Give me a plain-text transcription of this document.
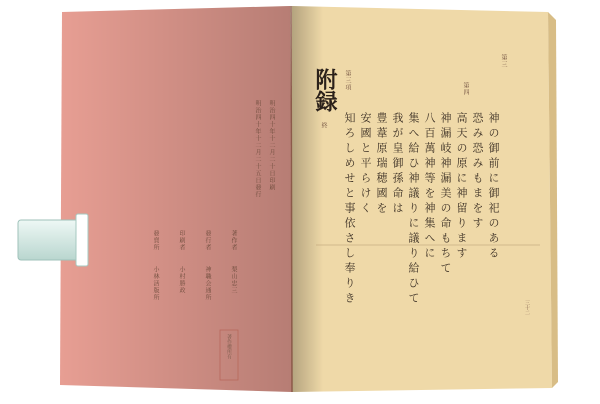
明治四十年十二月二十日印刷
明治四十年十二月二十五日發行
著作者
梨山忠三
發行者
神職会通所
印刷者
小村勝政
發賣所
小林活版所
著作權所有
附録
終
第三
第四
第三項
神の御前に御祀のある
恐み恐みもまをす
高天の原に神留ります
神漏岐神漏美の命もちて
八百萬神等を神集へに
集へ給ひ神議りに議り給ひて
我が皇御孫命は
豊葦原瑞穂國を
安國と平らけく
知ろしめせと事依さし奉りき
三十二
